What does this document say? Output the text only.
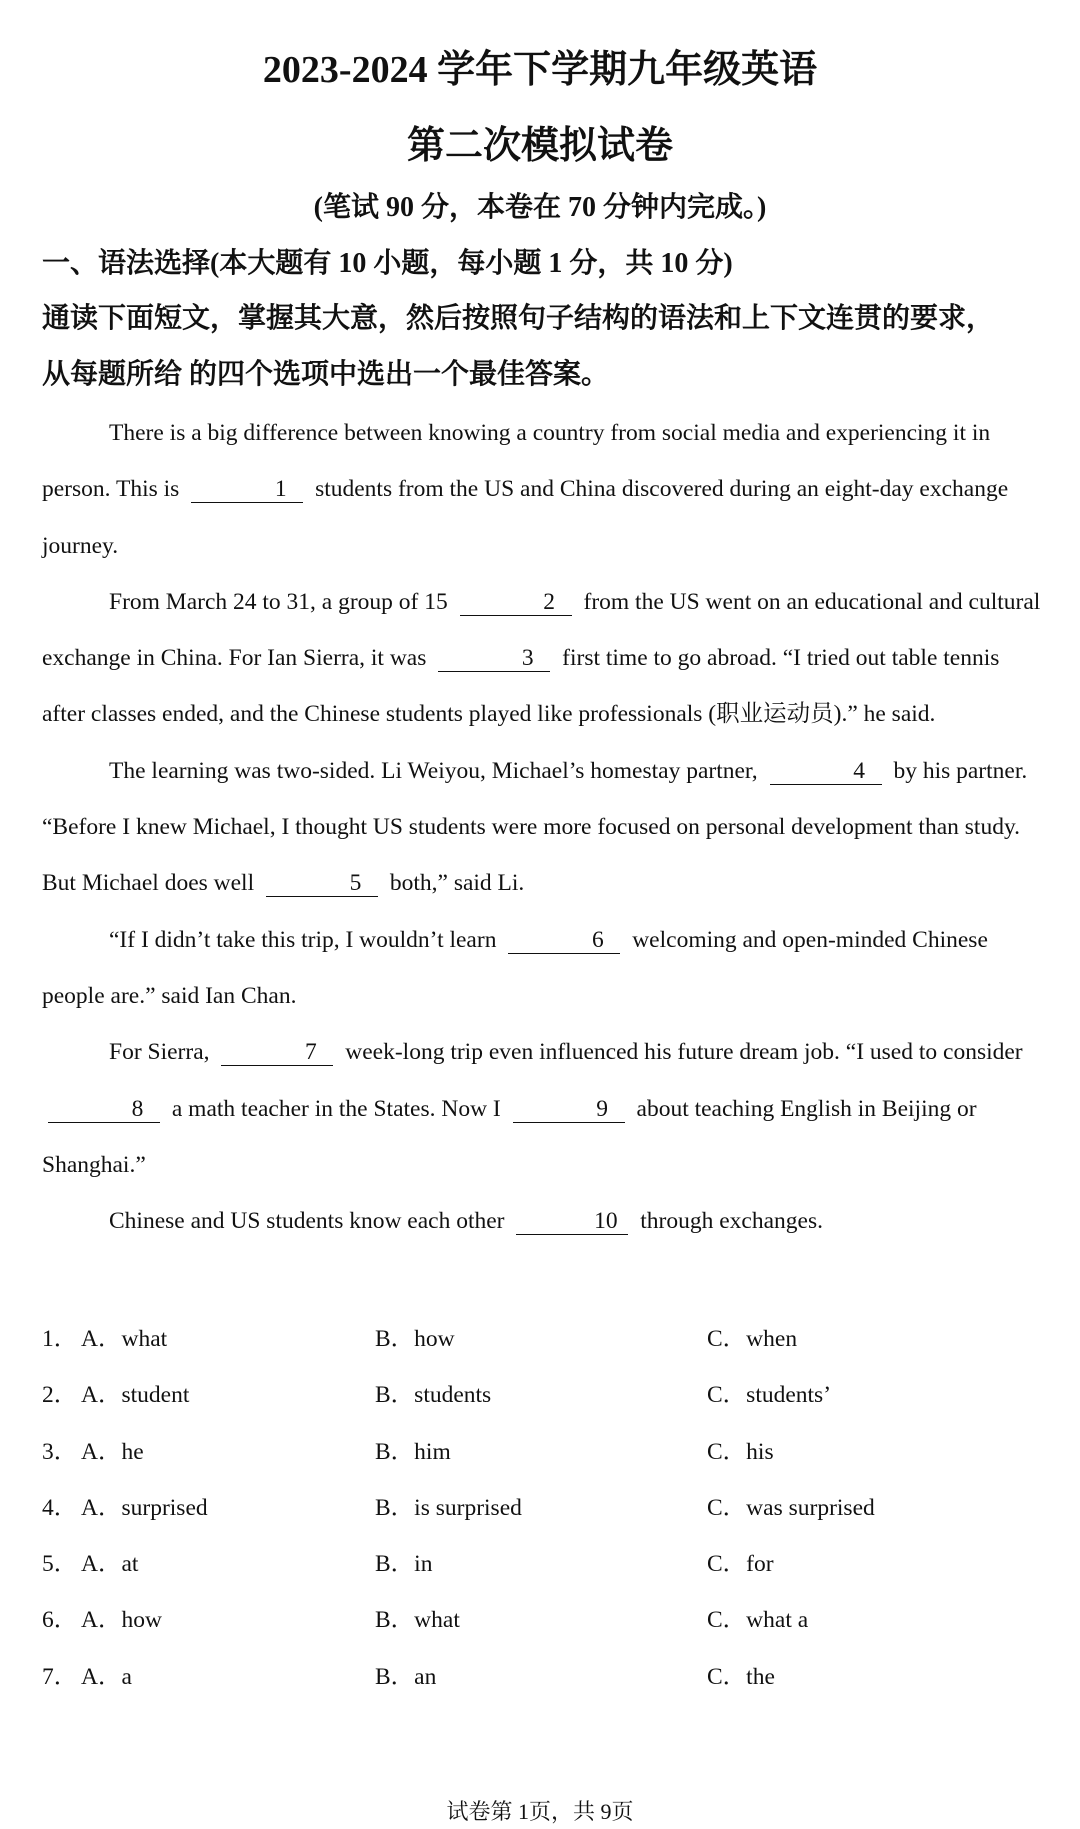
2023-2024 学年下学期九年级英语
第二次模拟试卷
(笔试 90 分，本卷在 70 分钟内完成。)
一、语法选择(本大题有 10 小题，每小题 1 分，共 10 分)
通读下面短文，掌握其大意，然后按照句子结构的语法和上下文连贯的要求，
从每题所给 的四个选项中选出一个最佳答案。

There is a big difference between knowing a country from social media and experiencing it in person. This is	1 students from the US and China discovered during an eight-day exchange journey.

From March 24 to 31, a group of 15	2 from the US went on an educational and cultural exchange in China. For Ian Sierra, it was	3 first time to go abroad. “I tried out table tennis after classes ended, and the Chinese students played like professionals (职业运动员).” he said.

The learning was two-sided. Li Weiyou, Michael’s homestay partner,	4 by his partner. “Before I knew Michael, I thought US students were more focused on personal development than study. But Michael does well	5 both,” said Li.

“If I didn’t take this trip, I wouldn’t learn	6 welcoming and open-minded Chinese people are.” said Ian Chan.

For Sierra,	7 week-long trip even influenced his future dream job. “I used to consider 8 a math teacher in the States. Now I	9 about teaching English in Beijing or Shanghai.”

Chinese and US students know each other	10 through exchanges.

1． A．what	B．how	C．when
2． A．student	B．students	C．students’
3． A．he	B．him	C．his
4． A．surprised	B．is surprised	C．was surprised
5． A．at	B．in	C．for
6． A．how	B．what	C．what a
7． A．a	B．an	C．the
试卷第 1页，共 9页
